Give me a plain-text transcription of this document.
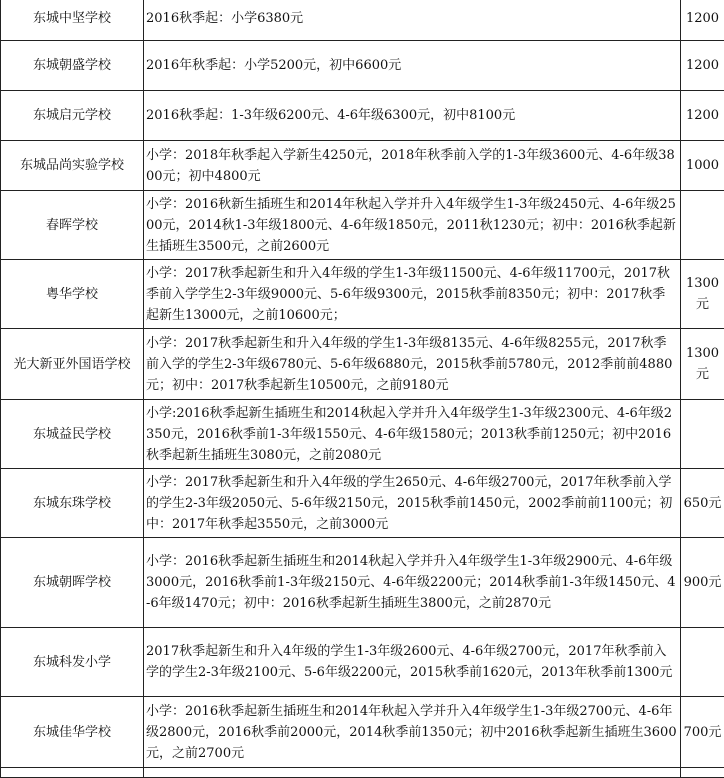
东城中坚学校	2016秋季起：小学6380元	1200
东城朝盛学校	2016年秋季起：小学5200元，初中6600元	1200
东城启元学校	2016秋季起：1-3年级6200元、4-6年级6300元，初中8100元	1200
东城品尚实验学校	小学：2018年秋季起入学新生4250元，2018年秋季前入学的1-3年级3600元、4-6年级3800元；初中4800元	1000
春晖学校	小学：2016秋新生插班生和2014年秋起入学并升入4年级学生1-3年级2450元、4-6年级2500元，2014秋1-3年级1800元、4-6年级1850元，2011秋1230元；初中：2016秋季起新生插班生3500元，之前2600元	
粤华学校	小学：2017秋季起新生和升入4年级的学生1-3年级11500元、4-6年级11700元，2017秋季前入学学生2-3年级9000元、5-6年级9300元，2015秋季前8350元；初中：2017秋季起新生13000元，之前10600元；	1300元
光大新亚外国语学校	小学：2017秋季起新生和升入4年级的学生1-3年级8135元、4-6年级8255元，2017秋季前入学的学生2-3年级6780元、5-6年级6880元，2015秋季前5780元，2012季前前4880元；初中：2017秋季起新生10500元，之前9180元	1300元
东城益民学校	小学:2016秋季起新生插班生和2014秋起入学并升入4年级学生1-3年级2300元、4-6年级2350元，2016秋季前1-3年级1550元、4-6年级1580元；2013秋季前1250元；初中2016秋季起新生插班生3080元，之前2080元	
东城东珠学校	小学：2017秋季起新生和升入4年级的学生2650元、4-6年级2700元，2017年秋季前入学的学生2-3年级2050元、5-6年级2150元，2015秋季前1450元，2002季前前1100元；初中：2017年秋季起3550元，之前3000元	650元
东城朝晖学校	小学：2016秋季起新生插班生和2014秋起入学并升入4年级学生1-3年级2900元、4-6年级3000元，2016秋季前1-3年级2150元、4-6年级2200元；2014秋季前1-3年级1450元、4-6年级1470元；初中：2016秋季起新生插班生3800元，之前2870元	900元
东城科发小学	2017秋季起新生和升入4年级的学生1-3年级2600元、4-6年级2700元，2017年秋季前入学的学生2-3年级2100元、5-6年级2200元，2015秋季前1620元，2013年秋季前1300元	
东城佳华学校	小学：2016秋季起新生插班生和2014年秋起入学并升入4年级学生1-3年级2700元、4-6年级2800元，2016秋季前2000元，2014秋季前1350元；初中2016秋季起新生插班生3600元，之前2700元	700元
